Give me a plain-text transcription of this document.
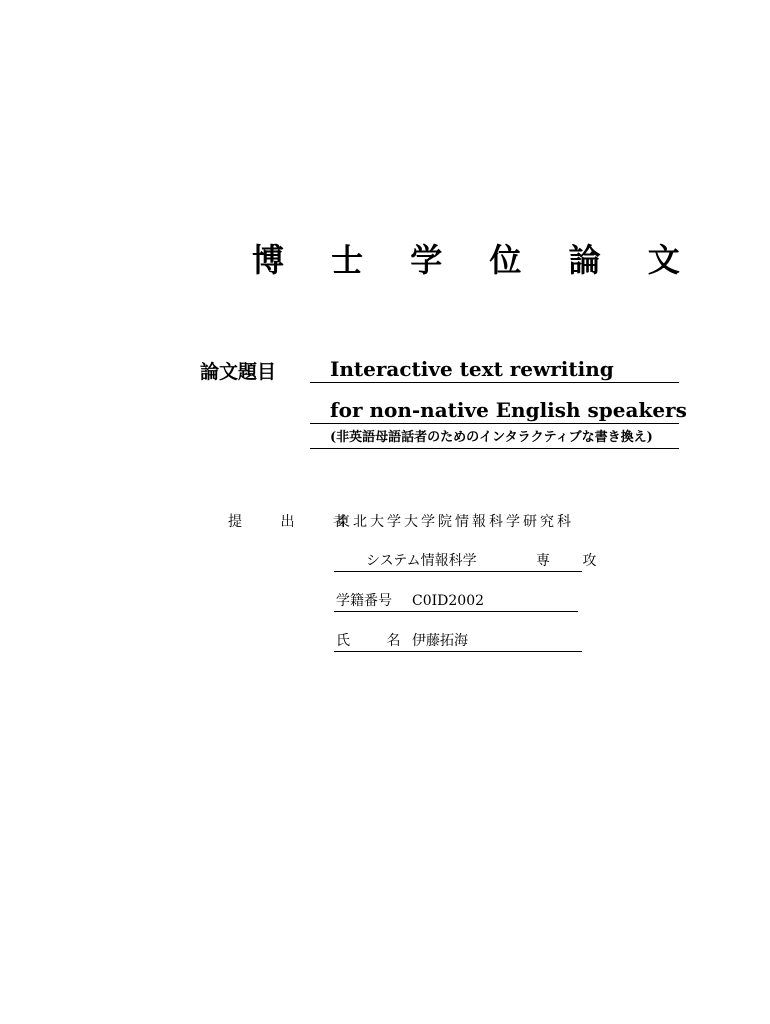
博 士 学 位 論 文
論文題目	Interactive text rewriting
for non-native English speakers
(非英語母語話者のためのインタラクティブな書き換え)
提 出 者
東北大学大学院情報科学研究科
システム情報科学	専 攻
学籍番号 C0ID2002
氏 名
伊藤拓海
